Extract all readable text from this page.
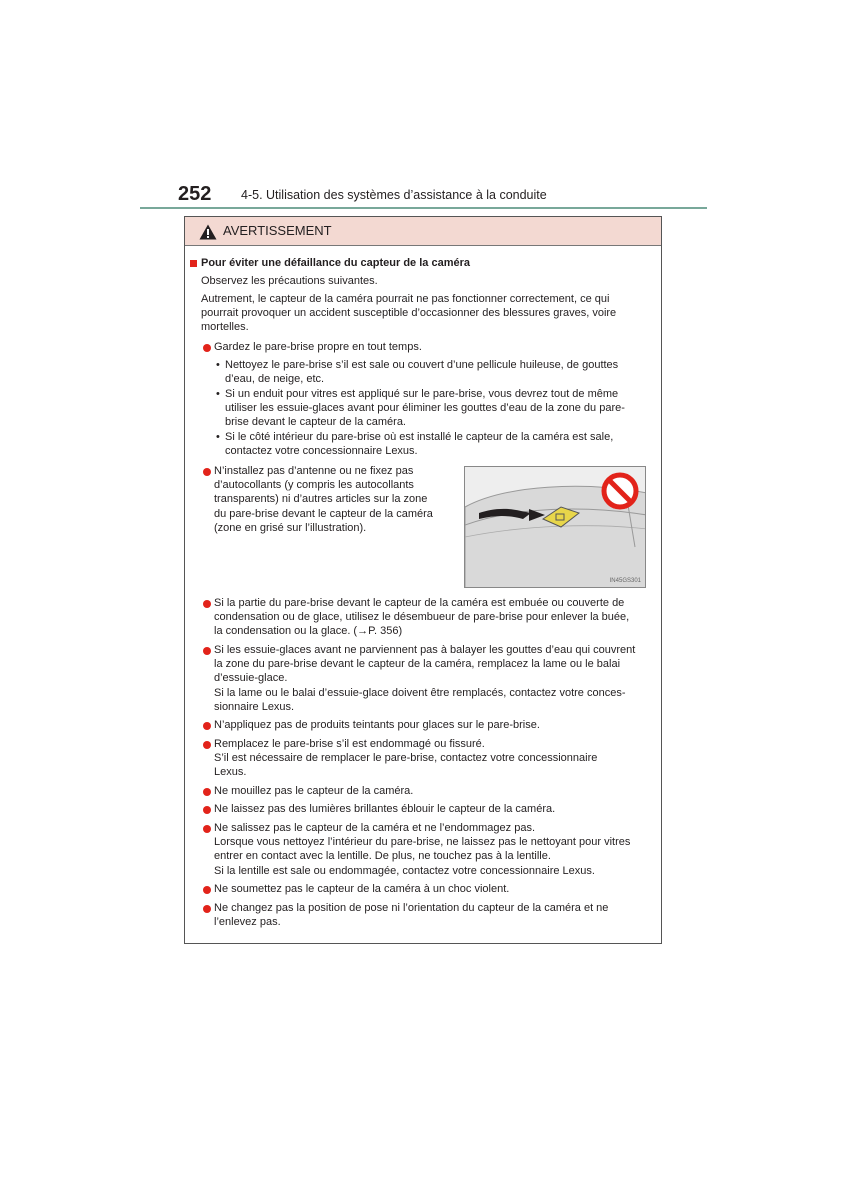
252 4-5. Utilisation des systèmes d’assistance à la conduite
AVERTISSEMENT
Pour éviter une défaillance du capteur de la caméra
Observez les précautions suivantes.
Autrement, le capteur de la caméra pourrait ne pas fonctionner correctement, ce qui
pourrait provoquer un accident susceptible d’occasionner des blessures graves, voire
mortelles.
Gardez le pare-brise propre en tout temps.
• Nettoyez le pare-brise s’il est sale ou couvert d’une pellicule huileuse, de gouttes
d’eau, de neige, etc.
• Si un enduit pour vitres est appliqué sur le pare-brise, vous devrez tout de même
utiliser les essuie-glaces avant pour éliminer les gouttes d’eau de la zone du pare-
brise devant le capteur de la caméra.
• Si le côté intérieur du pare-brise où est installé le capteur de la caméra est sale,
contactez votre concessionnaire Lexus.
N’installez pas d’antenne ou ne fixez pas
d’autocollants (y compris les autocollants
transparents) ni d’autres articles sur la zone
du pare-brise devant le capteur de la caméra
(zone en grisé sur l’illustration).
IN45GS301
Si la partie du pare-brise devant le capteur de la caméra est embuée ou couverte de
condensation ou de glace, utilisez le désembueur de pare-brise pour enlever la buée,
la condensation ou la glace. (→P. 356)
Si les essuie-glaces avant ne parviennent pas à balayer les gouttes d’eau qui couvrent
la zone du pare-brise devant le capteur de la caméra, remplacez la lame ou le balai
d’essuie-glace.
Si la lame ou le balai d’essuie-glace doivent être remplacés, contactez votre conces-
sionnaire Lexus.
N’appliquez pas de produits teintants pour glaces sur le pare-brise.
Remplacez le pare-brise s’il est endommagé ou fissuré.
S’il est nécessaire de remplacer le pare-brise, contactez votre concessionnaire
Lexus.
Ne mouillez pas le capteur de la caméra.
Ne laissez pas des lumières brillantes éblouir le capteur de la caméra.
Ne salissez pas le capteur de la caméra et ne l’endommagez pas.
Lorsque vous nettoyez l’intérieur du pare-brise, ne laissez pas le nettoyant pour vitres
entrer en contact avec la lentille. De plus, ne touchez pas à la lentille.
Si la lentille est sale ou endommagée, contactez votre concessionnaire Lexus.
Ne soumettez pas le capteur de la caméra à un choc violent.
Ne changez pas la position de pose ni l’orientation du capteur de la caméra et ne
l’enlevez pas.
